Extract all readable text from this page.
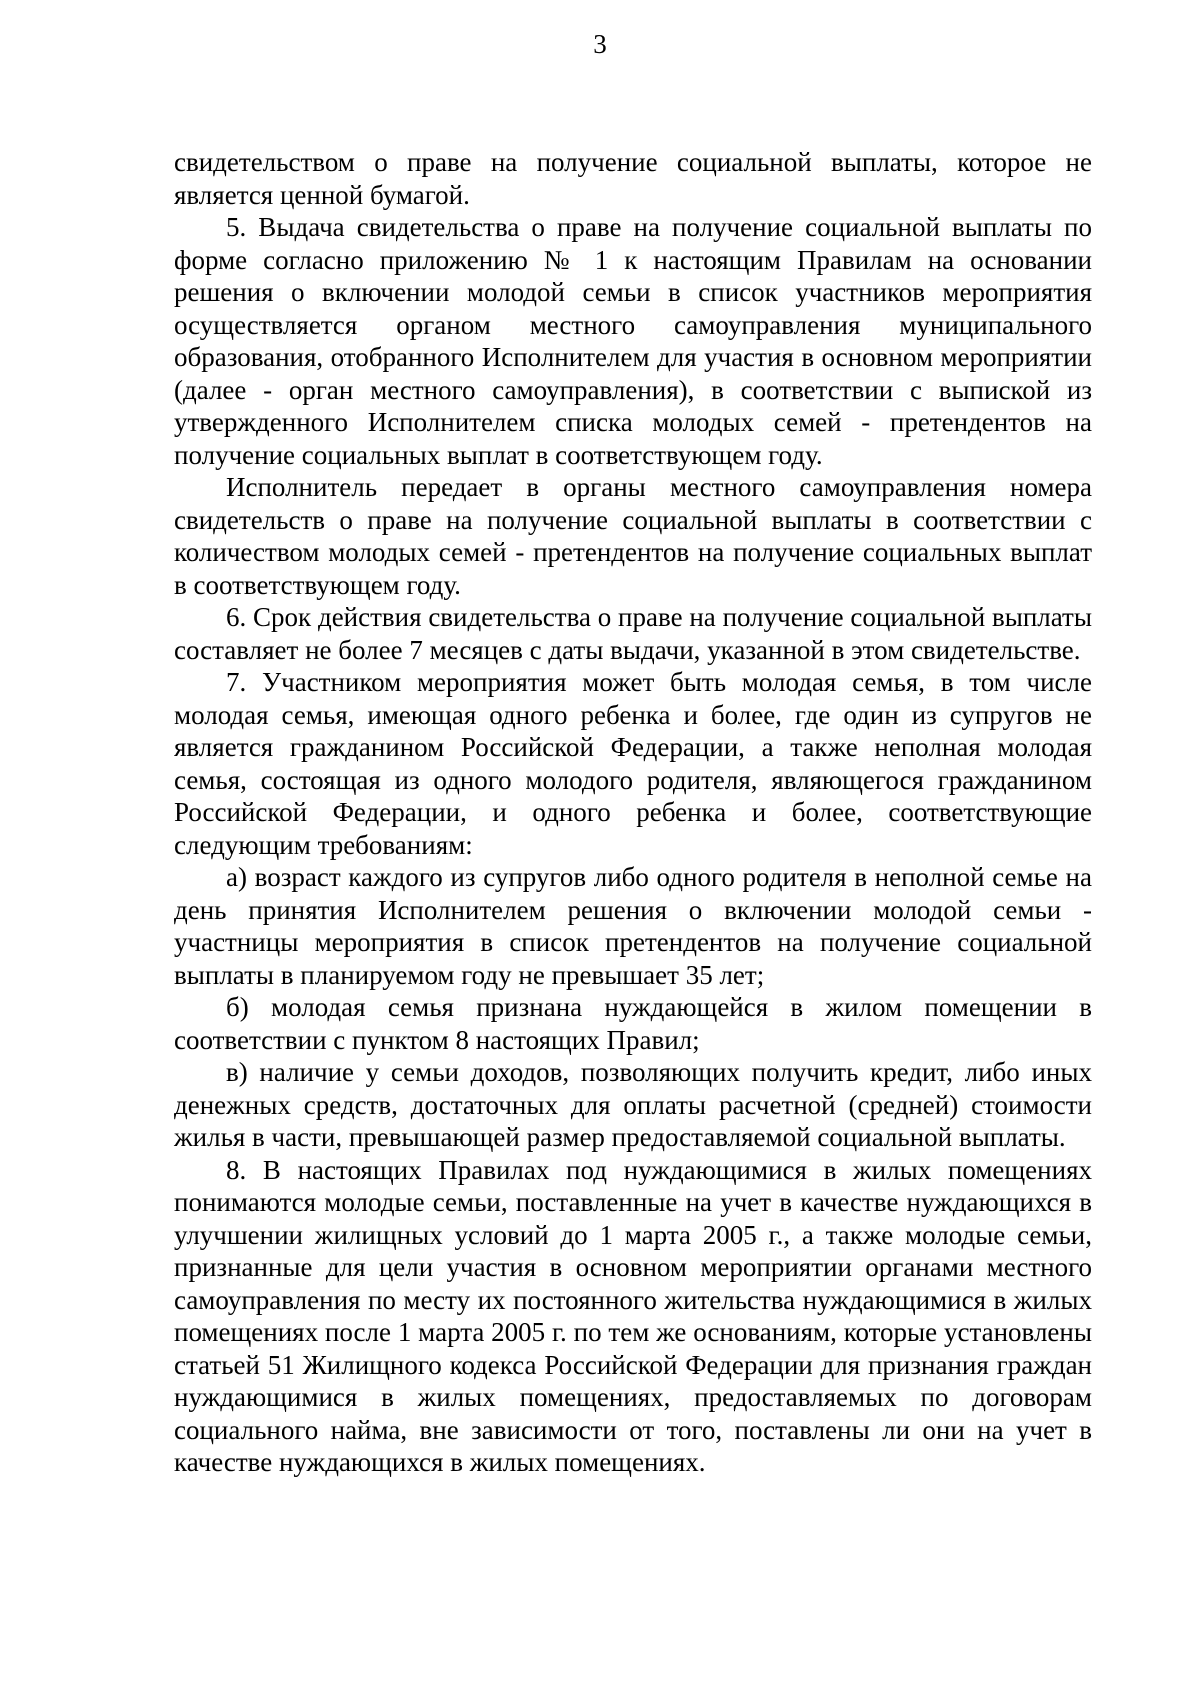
3

свидетельством о праве на получение социальной выплаты, которое не является ценной бумагой.

5. Выдача свидетельства о праве на получение социальной выплаты по форме согласно приложению № 1 к настоящим Правилам на основании решения о включении молодой семьи в список участников мероприятия осуществляется органом местного самоуправления муниципального образования, отобранного Исполнителем для участия в основном мероприятии (далее - орган местного самоуправления), в соответствии с выпиской из утвержденного Исполнителем списка молодых семей - претендентов на получение социальных выплат в соответствующем году.

Исполнитель передает в органы местного самоуправления номера свидетельств о праве на получение социальной выплаты в соответствии с количеством молодых семей - претендентов на получение социальных выплат в соответствующем году.

6. Срок действия свидетельства о праве на получение социальной выплаты составляет не более 7 месяцев с даты выдачи, указанной в этом свидетельстве.

7. Участником мероприятия может быть молодая семья, в том числе молодая семья, имеющая одного ребенка и более, где один из супругов не является гражданином Российской Федерации, а также неполная молодая семья, состоящая из одного молодого родителя, являющегося гражданином Российской Федерации, и одного ребенка и более, соответствующие следующим требованиям:

а) возраст каждого из супругов либо одного родителя в неполной семье на день принятия Исполнителем решения о включении молодой семьи - участницы мероприятия в список претендентов на получение социальной выплаты в планируемом году не превышает 35 лет;

б) молодая семья признана нуждающейся в жилом помещении в соответствии с пунктом 8 настоящих Правил;

в) наличие у семьи доходов, позволяющих получить кредит, либо иных денежных средств, достаточных для оплаты расчетной (средней) стоимости жилья в части, превышающей размер предоставляемой социальной выплаты.

8. В настоящих Правилах под нуждающимися в жилых помещениях понимаются молодые семьи, поставленные на учет в качестве нуждающихся в улучшении жилищных условий до 1 марта 2005 г., а также молодые семьи, признанные для цели участия в основном мероприятии органами местного самоуправления по месту их постоянного жительства нуждающимися в жилых помещениях после 1 марта 2005 г. по тем же основаниям, которые установлены статьей 51 Жилищного кодекса Российской Федерации для признания граждан нуждающимися в жилых помещениях, предоставляемых по договорам социального найма, вне зависимости от того, поставлены ли они на учет в качестве нуждающихся в жилых помещениях.
